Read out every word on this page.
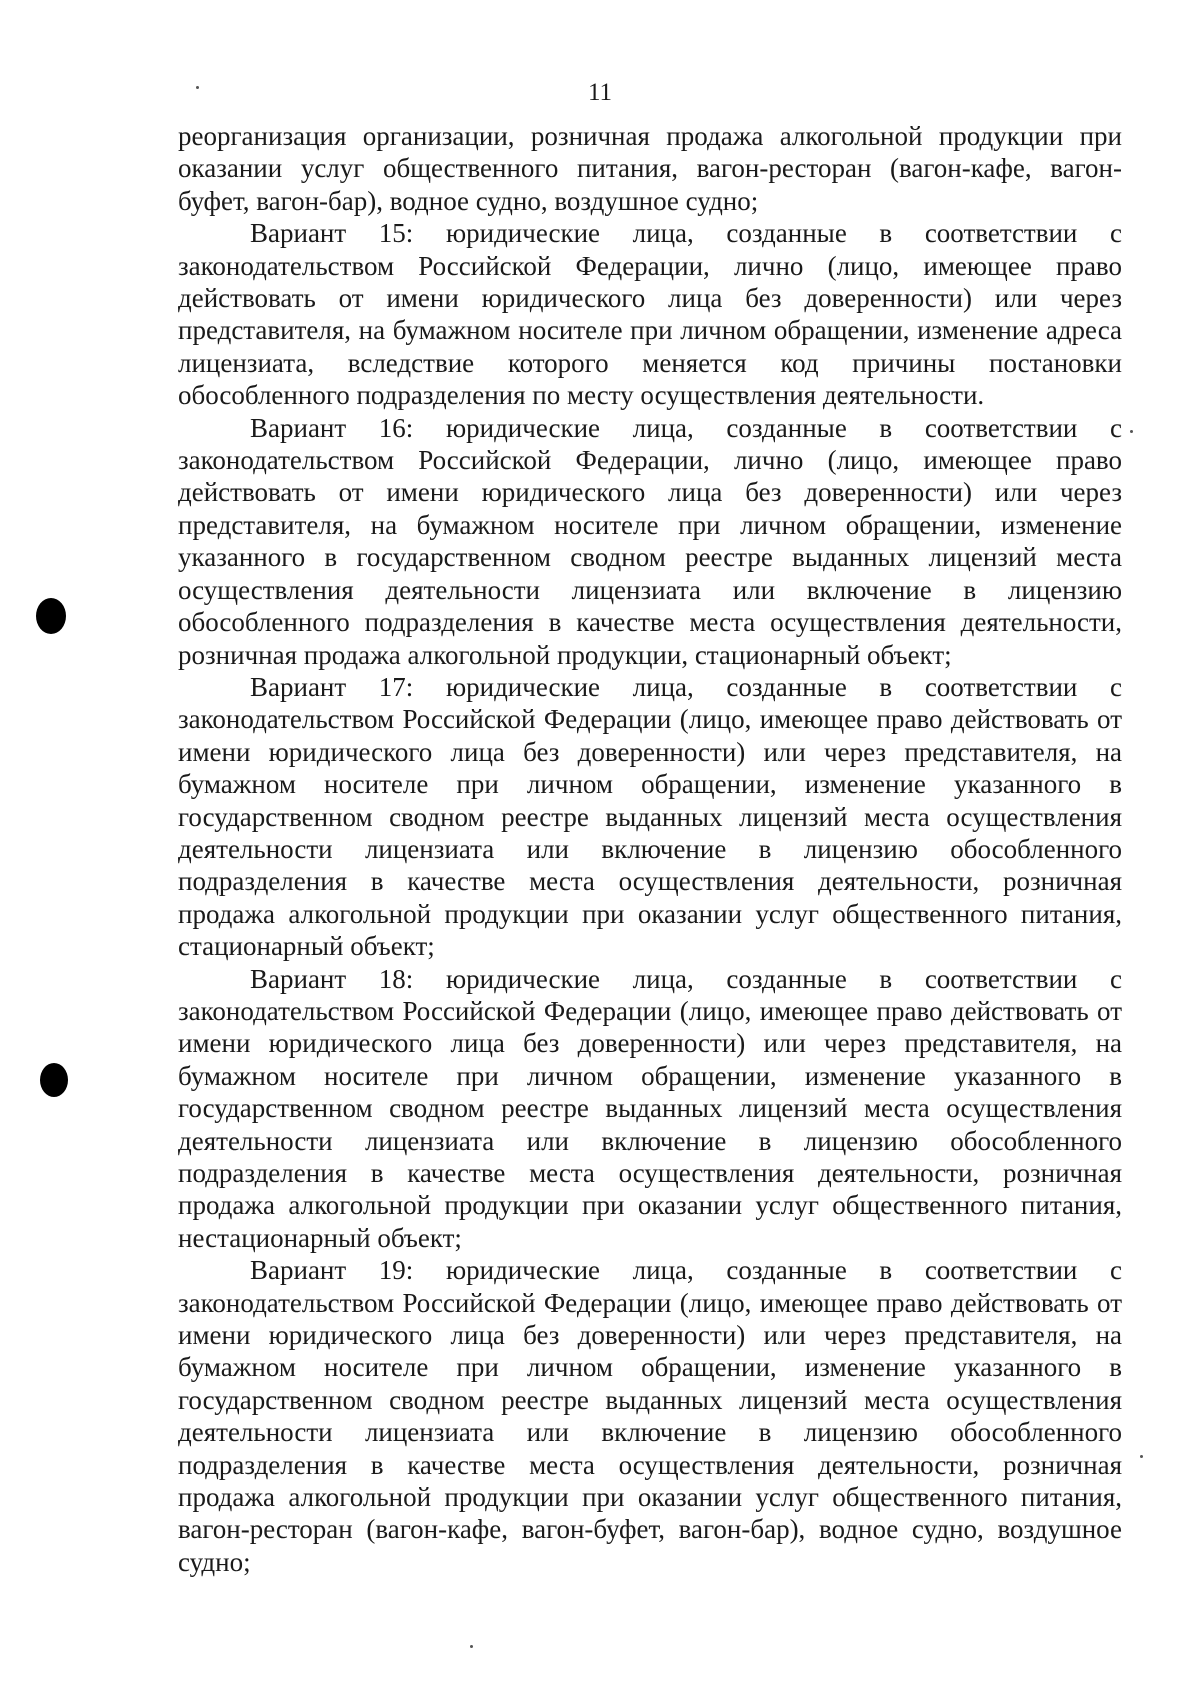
11

реорганизация организации, розничная продажа алкогольной продукции при оказании услуг общественного питания, вагон-ресторан (вагон-кафе, вагон-буфет, вагон-бар), водное судно, воздушное судно;

Вариант 15: юридические лица, созданные в соответствии с законодательством Российской Федерации, лично (лицо, имеющее право действовать от имени юридического лица без доверенности) или через представителя, на бумажном носителе при личном обращении, изменение адреса лицензиата, вследствие которого меняется код причины постановки обособленного подразделения по месту осуществления деятельности.

Вариант 16: юридические лица, созданные в соответствии с законодательством Российской Федерации, лично (лицо, имеющее право действовать от имени юридического лица без доверенности) или через представителя, на бумажном носителе при личном обращении, изменение указанного в государственном сводном реестре выданных лицензий места осуществления деятельности лицензиата или включение в лицензию обособленного подразделения в качестве места осуществления деятельности, розничная продажа алкогольной продукции, стационарный объект;

Вариант 17: юридические лица, созданные в соответствии с законодательством Российской Федерации (лицо, имеющее право действовать от имени юридического лица без доверенности) или через представителя, на бумажном носителе при личном обращении, изменение указанного в государственном сводном реестре выданных лицензий места осуществления деятельности лицензиата или включение в лицензию обособленного подразделения в качестве места осуществления деятельности, розничная продажа алкогольной продукции при оказании услуг общественного питания, стационарный объект;

Вариант 18: юридические лица, созданные в соответствии с законодательством Российской Федерации (лицо, имеющее право действовать от имени юридического лица без доверенности) или через представителя, на бумажном носителе при личном обращении, изменение указанного в государственном сводном реестре выданных лицензий места осуществления деятельности лицензиата или включение в лицензию обособленного подразделения в качестве места осуществления деятельности, розничная продажа алкогольной продукции при оказании услуг общественного питания, нестационарный объект;

Вариант 19: юридические лица, созданные в соответствии с законодательством Российской Федерации (лицо, имеющее право действовать от имени юридического лица без доверенности) или через представителя, на бумажном носителе при личном обращении, изменение указанного в государственном сводном реестре выданных лицензий места осуществления деятельности лицензиата или включение в лицензию обособленного подразделения в качестве места осуществления деятельности, розничная продажа алкогольной продукции при оказании услуг общественного питания, вагон-ресторан (вагон-кафе, вагон-буфет, вагон-бар), водное судно, воздушное судно;
